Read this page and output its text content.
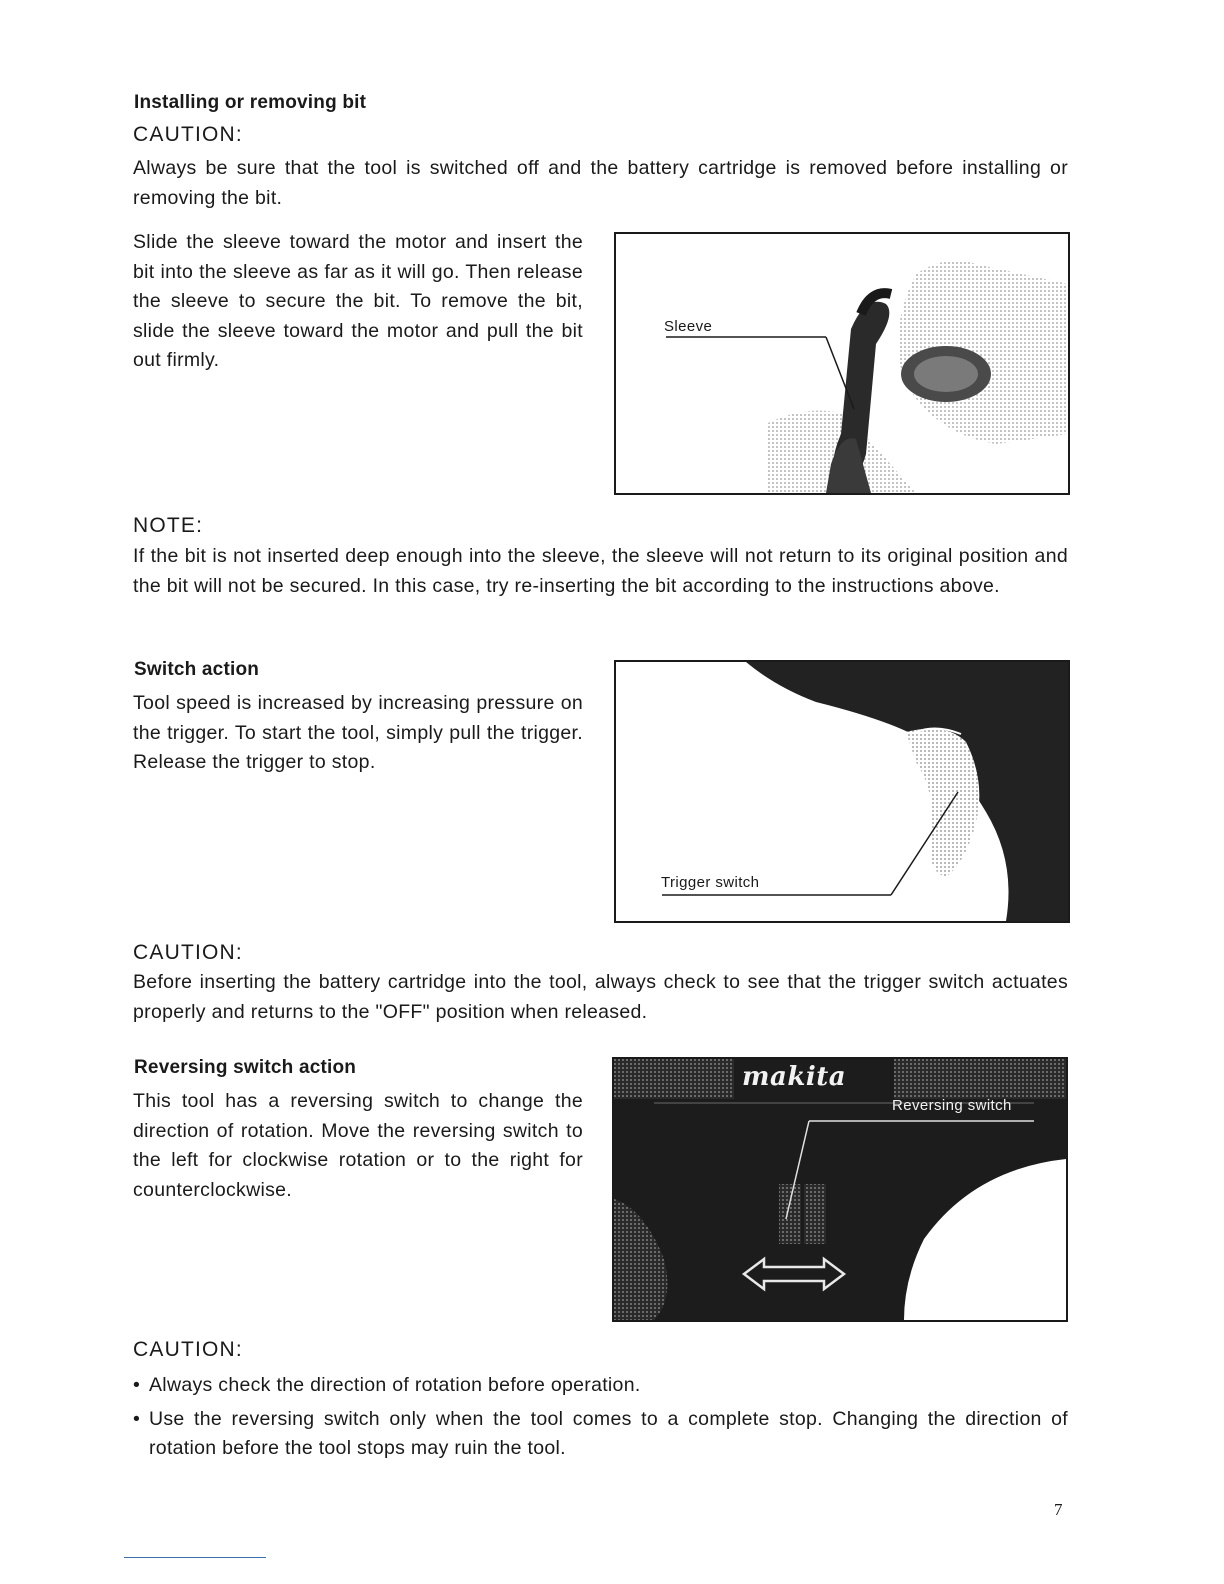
Installing or removing bit
CAUTION:
Always be sure that the tool is switched off and the battery cartridge is removed before installing or removing the bit.
Slide the sleeve toward the motor and insert the bit into the sleeve as far as it will go. Then release the sleeve to secure the bit. To remove the bit, slide the sleeve toward the motor and pull the bit out firmly.
Sleeve
NOTE:
If the bit is not inserted deep enough into the sleeve, the sleeve will not return to its original position and the bit will not be secured. In this case, try re-inserting the bit according to the instructions above.
Switch action
Tool speed is increased by increasing pressure on the trigger. To start the tool, simply pull the trigger. Release the trigger to stop.
Trigger switch
CAUTION:
Before inserting the battery cartridge into the tool, always check to see that the trigger switch actuates properly and returns to the "OFF" position when released.
Reversing switch action
This tool has a reversing switch to change the direction of rotation. Move the reversing switch to the left for clockwise rotation or to the right for counterclockwise.
makita
Reversing switch
CAUTION:
• Always check the direction of rotation before operation.
• Use the reversing switch only when the tool comes to a complete stop. Changing the direction of rotation before the tool stops may ruin the tool.
7
